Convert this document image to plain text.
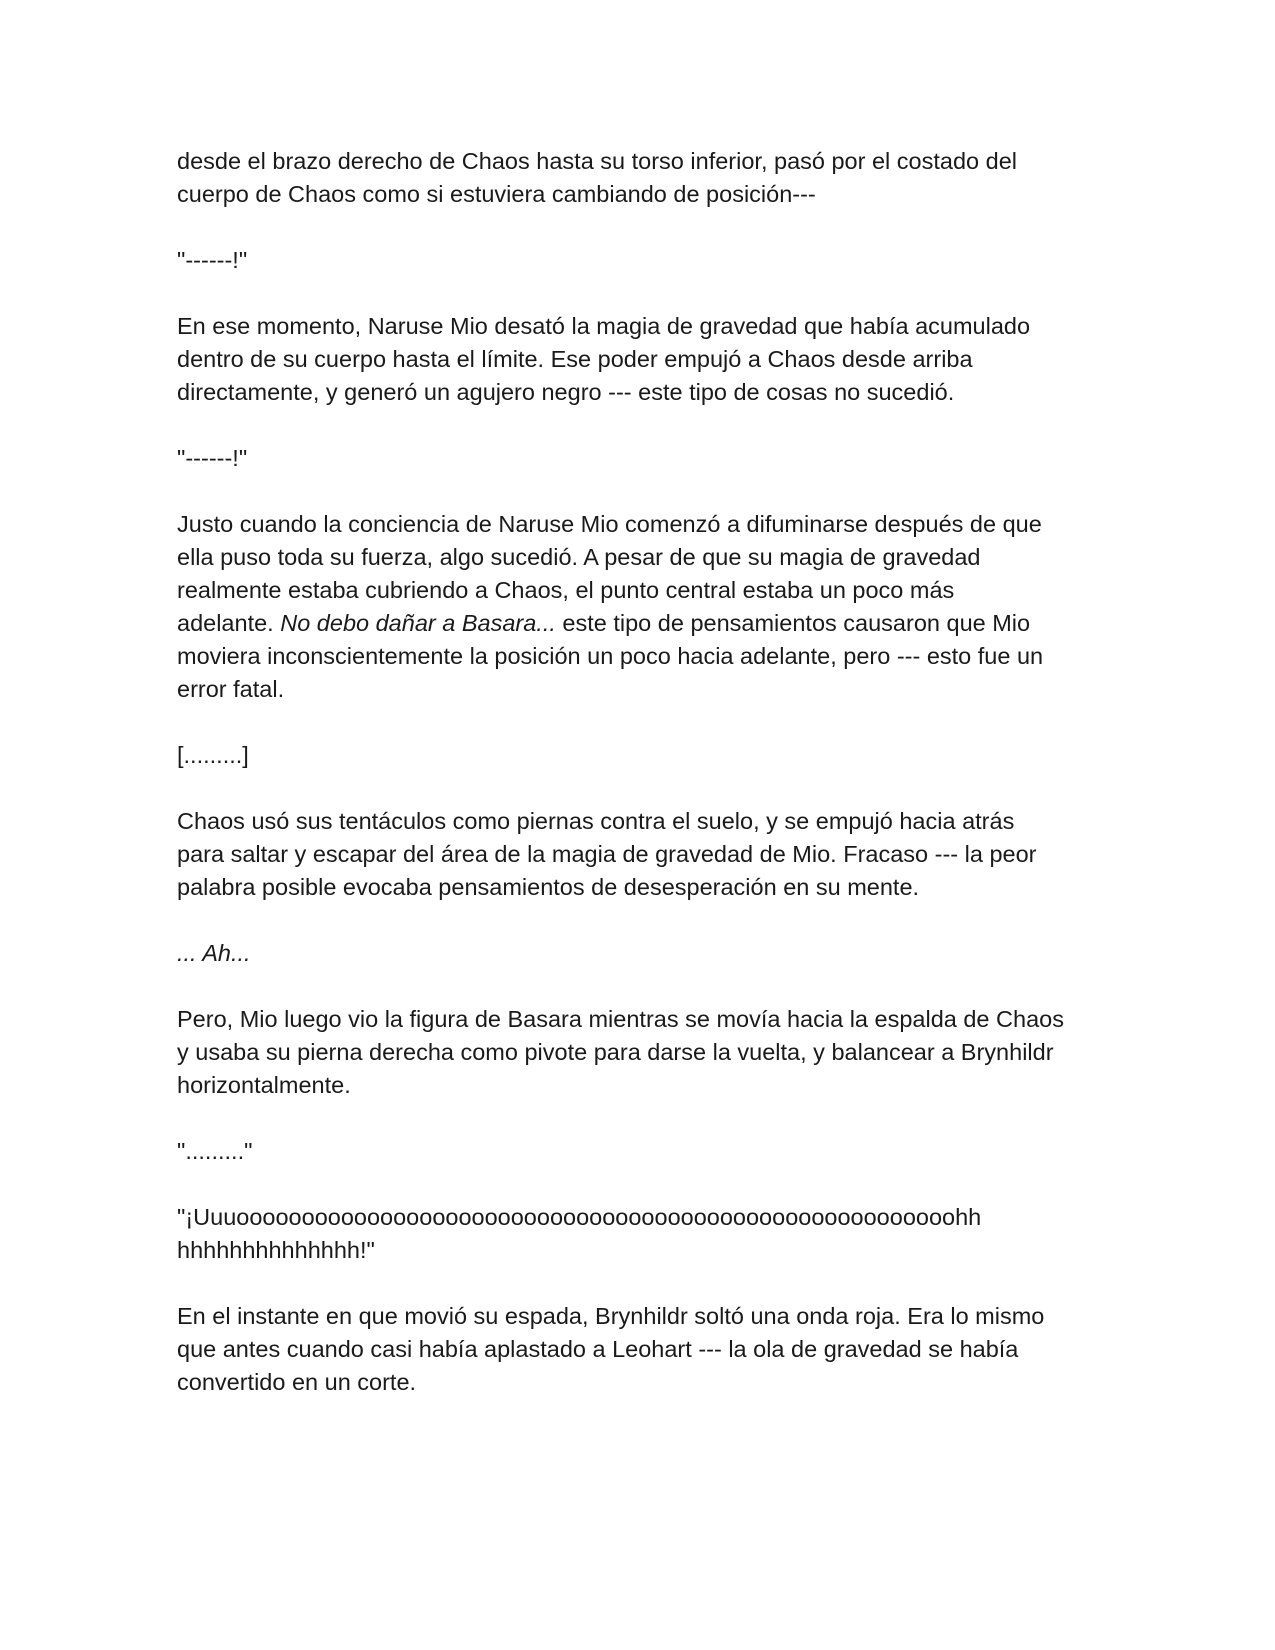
desde el brazo derecho de Chaos hasta su torso inferior, pasó por el costado del
cuerpo de Chaos como si estuviera cambiando de posición---

"------!"

En ese momento, Naruse Mio desató la magia de gravedad que había acumulado
dentro de su cuerpo hasta el límite. Ese poder empujó a Chaos desde arriba
directamente, y generó un agujero negro --- este tipo de cosas no sucedió.

"------!"

Justo cuando la conciencia de Naruse Mio comenzó a difuminarse después de que
ella puso toda su fuerza, algo sucedió. A pesar de que su magia de gravedad
realmente estaba cubriendo a Chaos, el punto central estaba un poco más
adelante. No debo dañar a Basara... este tipo de pensamientos causaron que Mio
moviera inconscientemente la posición un poco hacia adelante, pero --- esto fue un
error fatal.

[.........]

Chaos usó sus tentáculos como piernas contra el suelo, y se empujó hacia atrás
para saltar y escapar del área de la magia de gravedad de Mio. Fracaso --- la peor
palabra posible evocaba pensamientos de desesperación en su mente.

... Ah...

Pero, Mio luego vio la figura de Basara mientras se movía hacia la espalda de Chaos
y usaba su pierna derecha como pivote para darse la vuelta, y balancear a Brynhildr
horizontalmente.

"........."

"¡Uuuooooooooooooooooooooooooooooooooooooooooooooooooooooooohh
hhhhhhhhhhhhhh!"

En el instante en que movió su espada, Brynhildr soltó una onda roja. Era lo mismo
que antes cuando casi había aplastado a Leohart --- la ola de gravedad se había
convertido en un corte.
